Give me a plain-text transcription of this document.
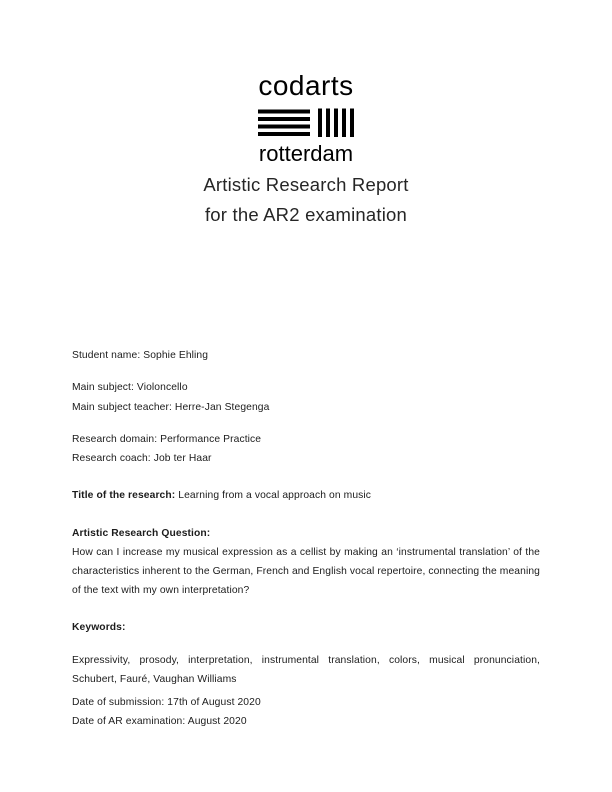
codarts
rotterdam
Artistic Research Report
for the AR2 examination

Student name: Sophie Ehling

Main subject: Violoncello

Main subject teacher: Herre-Jan Stegenga

Research domain: Performance Practice

Research coach: Job ter Haar

Title of the research: Learning from a vocal approach on music

Artistic Research Question:

How can I increase my musical expression as a cellist by making an ‘instrumental translation’ of the characteristics inherent to the German, French and English vocal repertoire, connecting the meaning of the text with my own interpretation?

Keywords:

Expressivity, prosody, interpretation, instrumental translation, colors, musical pronunciation, Schubert, Fauré, Vaughan Williams

Date of submission: 17th of August 2020

Date of AR examination: August 2020
